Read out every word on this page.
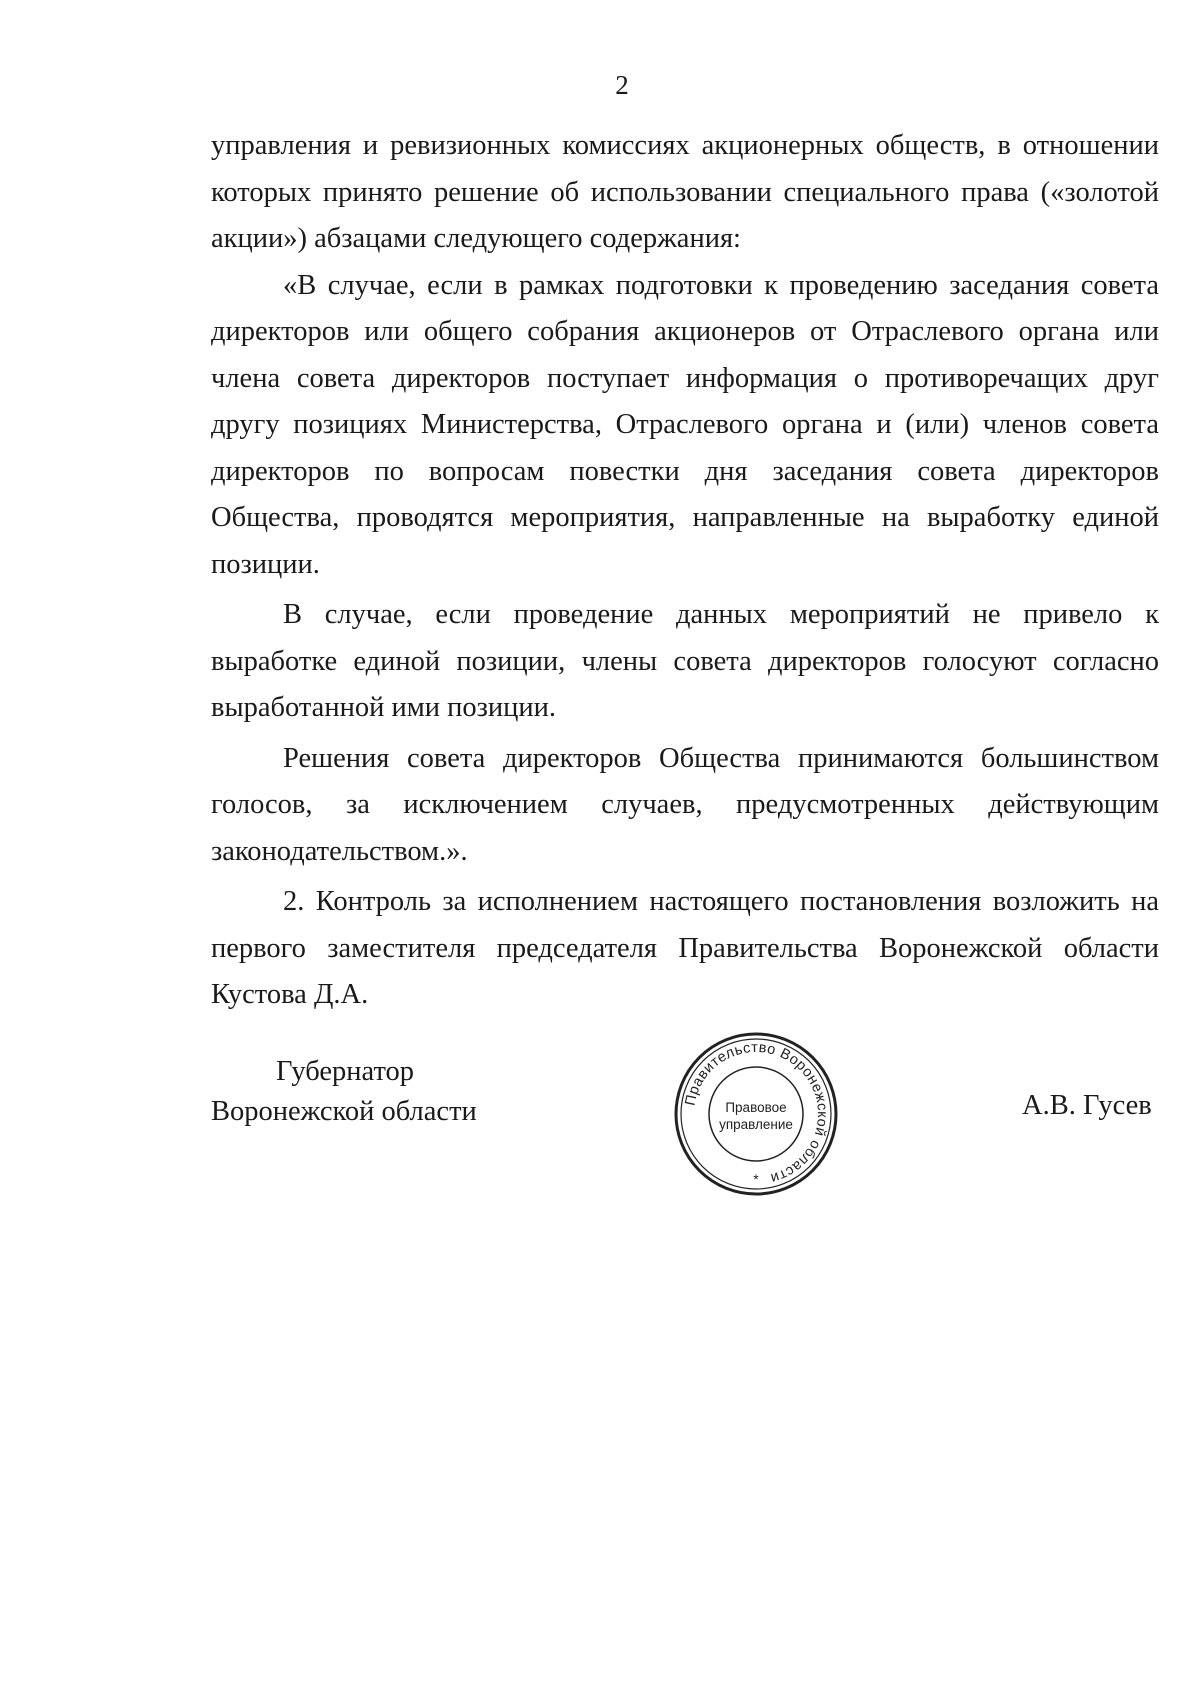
2

управления и ревизионных комиссиях акционерных обществ, в отношении которых принято решение об использовании специального права («золотой акции») абзацами следующего содержания:

«В случае, если в рамках подготовки к проведению заседания совета директоров или общего собрания акционеров от Отраслевого органа или члена совета директоров поступает информация о противоречащих друг другу позициях Министерства, Отраслевого органа и (или) членов совета директоров по вопросам повестки дня заседания совета директоров Общества, проводятся мероприятия, направленные на выработку единой позиции.

В случае, если проведение данных мероприятий не привело к выработке единой позиции, члены совета директоров голосуют согласно выработанной ими позиции.

Решения совета директоров Общества принимаются большинством голосов, за исключением случаев, предусмотренных действующим законодательством.».

2. Контроль за исполнением настоящего постановления возложить на первого заместителя председателя Правительства Воронежской области Кустова Д.А.

Губернатор
Воронежской области	Правительство Воронежской области
Правовое
управление
*
А.В. Гусев
